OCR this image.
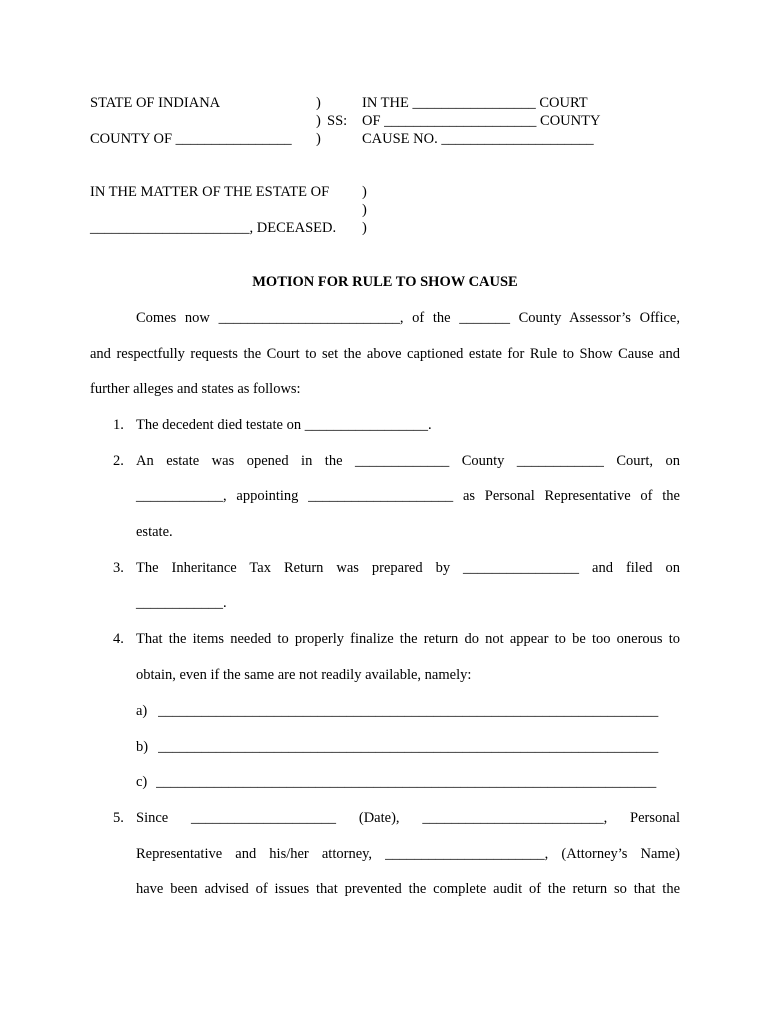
STATE OF INDIANA
COUNTY OF ________________
)
)
)
SS:
IN THE _________________ COURT
OF _____________________ COUNTY
CAUSE NO. _____________________
IN THE MATTER OF THE ESTATE OF
______________________, DECEASED.
)
)
)
MOTION FOR RULE TO SHOW CAUSE
Comes now _________________________, of the _______ County Assessor’s Office,
and respectfully requests the Court to set the above captioned estate for Rule to Show Cause and
further alleges and states as follows:
1. The decedent died testate on _________________.
2. An estate was opened in the _____________ County ____________ Court, on
____________, appointing ____________________ as Personal Representative of the
estate.
3. The Inheritance Tax Return was prepared by ________________ and filed on
____________.
4. That the items needed to properly finalize the return do not appear to be too onerous to
obtain, even if the same are not readily available, namely:
a) _____________________________________________________________________
b) _____________________________________________________________________
c) _____________________________________________________________________
5. Since ____________________ (Date), _________________________, Personal
Representative and his/her attorney, ______________________, (Attorney’s Name)
have been advised of issues that prevented the complete audit of the return so that the
